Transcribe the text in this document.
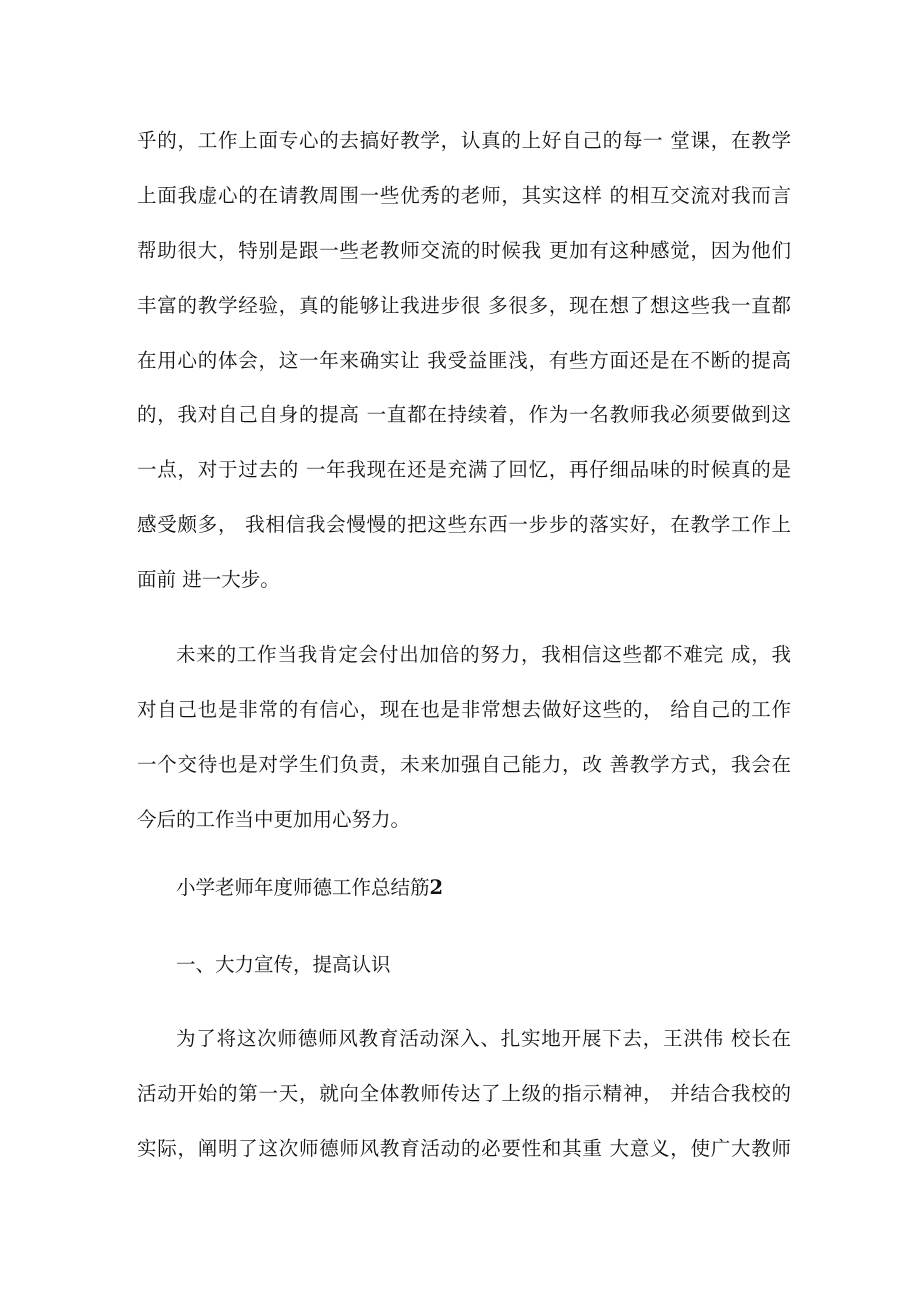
乎的，工作上面专心的去搞好教学，认真的上好自己的每一 堂课，在教学
上面我虚心的在请教周围一些优秀的老师，其实这样 的相互交流对我而言
帮助很大，特别是跟一些老教师交流的时候我 更加有这种感觉，因为他们
丰富的教学经验，真的能够让我进步很 多很多，现在想了想这些我一直都
在用心的体会，这一年来确实让 我受益匪浅，有些方面还是在不断的提高
的，我对自己自身的提高 一直都在持续着，作为一名教师我必须要做到这
一点，对于过去的 一年我现在还是充满了回忆，再仔细品味的时候真的是
感受颇多， 我相信我会慢慢的把这些东西一步步的落实好，在教学工作上
面前 进一大步。
未来的工作当我肯定会付出加倍的努力，我相信这些都不难完 成，我
对自己也是非常的有信心，现在也是非常想去做好这些的， 给自己的工作
一个交待也是对学生们负责，未来加强自己能力，改 善教学方式，我会在
今后的工作当中更加用心努力。
小学老师年度师德工作总结筋2
一、大力宣传，提高认识
为了将这次师德师风教育活动深入、扎实地开展下去，王洪伟 校长在
活动开始的第一天，就向全体教师传达了上级的指示精神， 并结合我校的
实际，阐明了这次师德师风教育活动的必要性和其重 大意义，使广大教师
